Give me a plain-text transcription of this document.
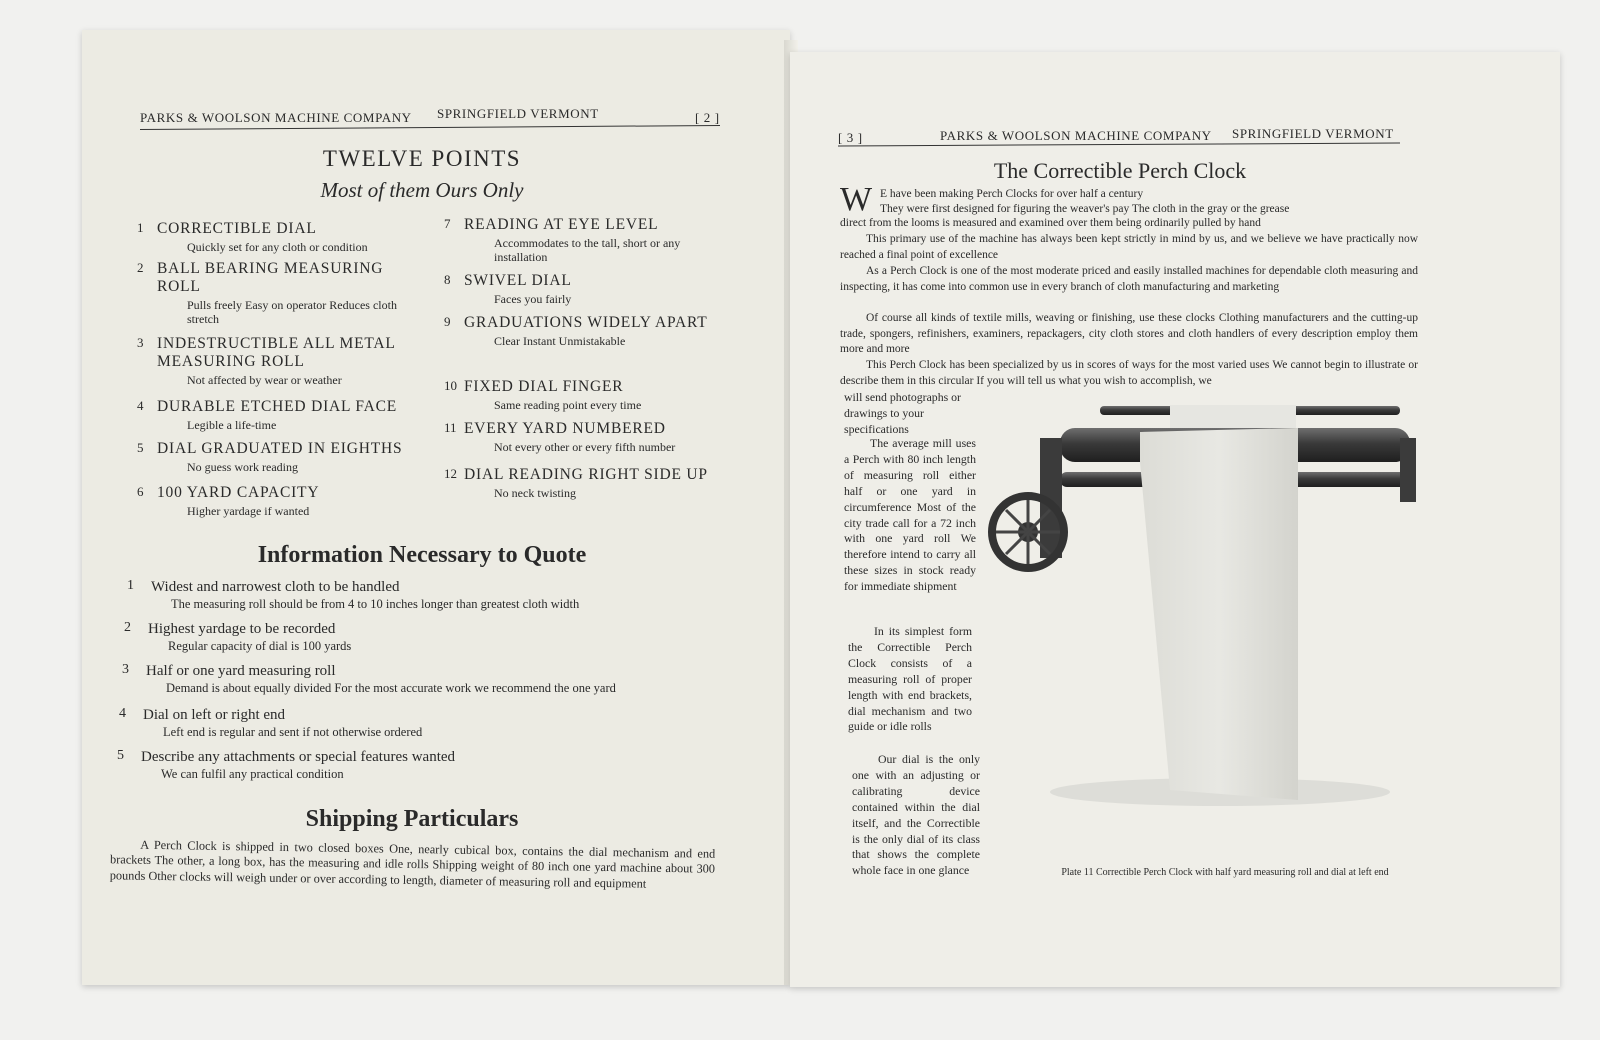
PARKS & WOOLSON MACHINE COMPANY SPRINGFIELD VERMONT	[ 2 ]
TWELVE POINTS
Most of them Ours Only
1 CORRECTIBLE DIAL
Quickly set for any cloth or condition
2 BALL BEARING MEASURING ROLL
Pulls freely Easy on operator Reduces cloth stretch
3 INDESTRUCTIBLE ALL METAL MEASURING ROLL
Not affected by wear or weather
4 DURABLE ETCHED DIAL FACE
Legible a life-time
5 DIAL GRADUATED IN EIGHTHS
No guess work reading
6 100 YARD CAPACITY
Higher yardage if wanted
7 READING AT EYE LEVEL
Accommodates to the tall, short or any installation
8 SWIVEL DIAL
Faces you fairly
9 GRADUATIONS WIDELY APART
Clear Instant Unmistakable
10 FIXED DIAL FINGER
Same reading point every time
11 EVERY YARD NUMBERED
Not every other or every fifth number
12 DIAL READING RIGHT SIDE UP
No neck twisting
1 Widest and narrowest cloth to be handled
The measuring roll should be from 4 to 10 inches longer than greatest cloth width
2 Highest yardage to be recorded
Regular capacity of dial is 100 yards
3 Half or one yard measuring roll
Demand is about equally divided For the most accurate work we recommend the one yard
4 Dial on left or right end
Left end is regular and sent if not otherwise ordered
5 Describe any attachments or special features wanted
We can fulfil any practical condition
Information Necessary to Quote
Shipping Particulars
A Perch Clock is shipped in two closed boxes One, nearly cubical box, contains the dial mechanism and end brackets The other, a long box, has the measuring and idle rolls Shipping weight of 80 inch one yard machine about 300 pounds Other clocks will weigh under or over according to length, diameter of measuring roll and equipment
[ 3 ]	PARKS & WOOLSON MACHINE COMPANY SPRINGFIELD VERMONT
The Correctible Perch Clock
W E have been making Perch Clocks for over half a century
They were first designed for figuring the weaver's pay The cloth in the gray or the grease
direct from the looms is measured and examined over them being ordinarily pulled by hand
This primary use of the machine has always been kept strictly in mind by us, and we believe we have practically now reached a final point of excellence
As a Perch Clock is one of the most moderate priced and easily installed machines for dependable cloth measuring and inspecting, it has come into common use in every branch of cloth manufacturing and marketing
Of course all kinds of textile mills, weaving or finishing, use these clocks Clothing manufacturers and the cutting-up trade, spongers, refinishers, examiners, repackagers, city cloth stores and cloth handlers of every description employ them more and more
This Perch Clock has been specialized by us in scores of ways for the most varied uses We cannot begin to illustrate or describe them in this circular If you will tell us what you wish to accomplish, we
will send photographs or drawings to your specifications
The average mill uses a Perch with 80 inch length of measuring roll either half or one yard in circumference Most of the city trade call for a 72 inch with one yard roll We therefore intend to carry all these sizes in stock ready for immediate shipment
In its simplest form the Correctible Perch Clock consists of a measuring roll of proper length with end brackets, dial mechanism and two guide or idle rolls
Our dial is the only one with an adjusting or calibrating device contained within the dial itself, and the Correctible is the only dial of its class that shows the complete whole face in one glance	Plate 11 Correctible Perch Clock with half yard measuring roll and dial at left end
